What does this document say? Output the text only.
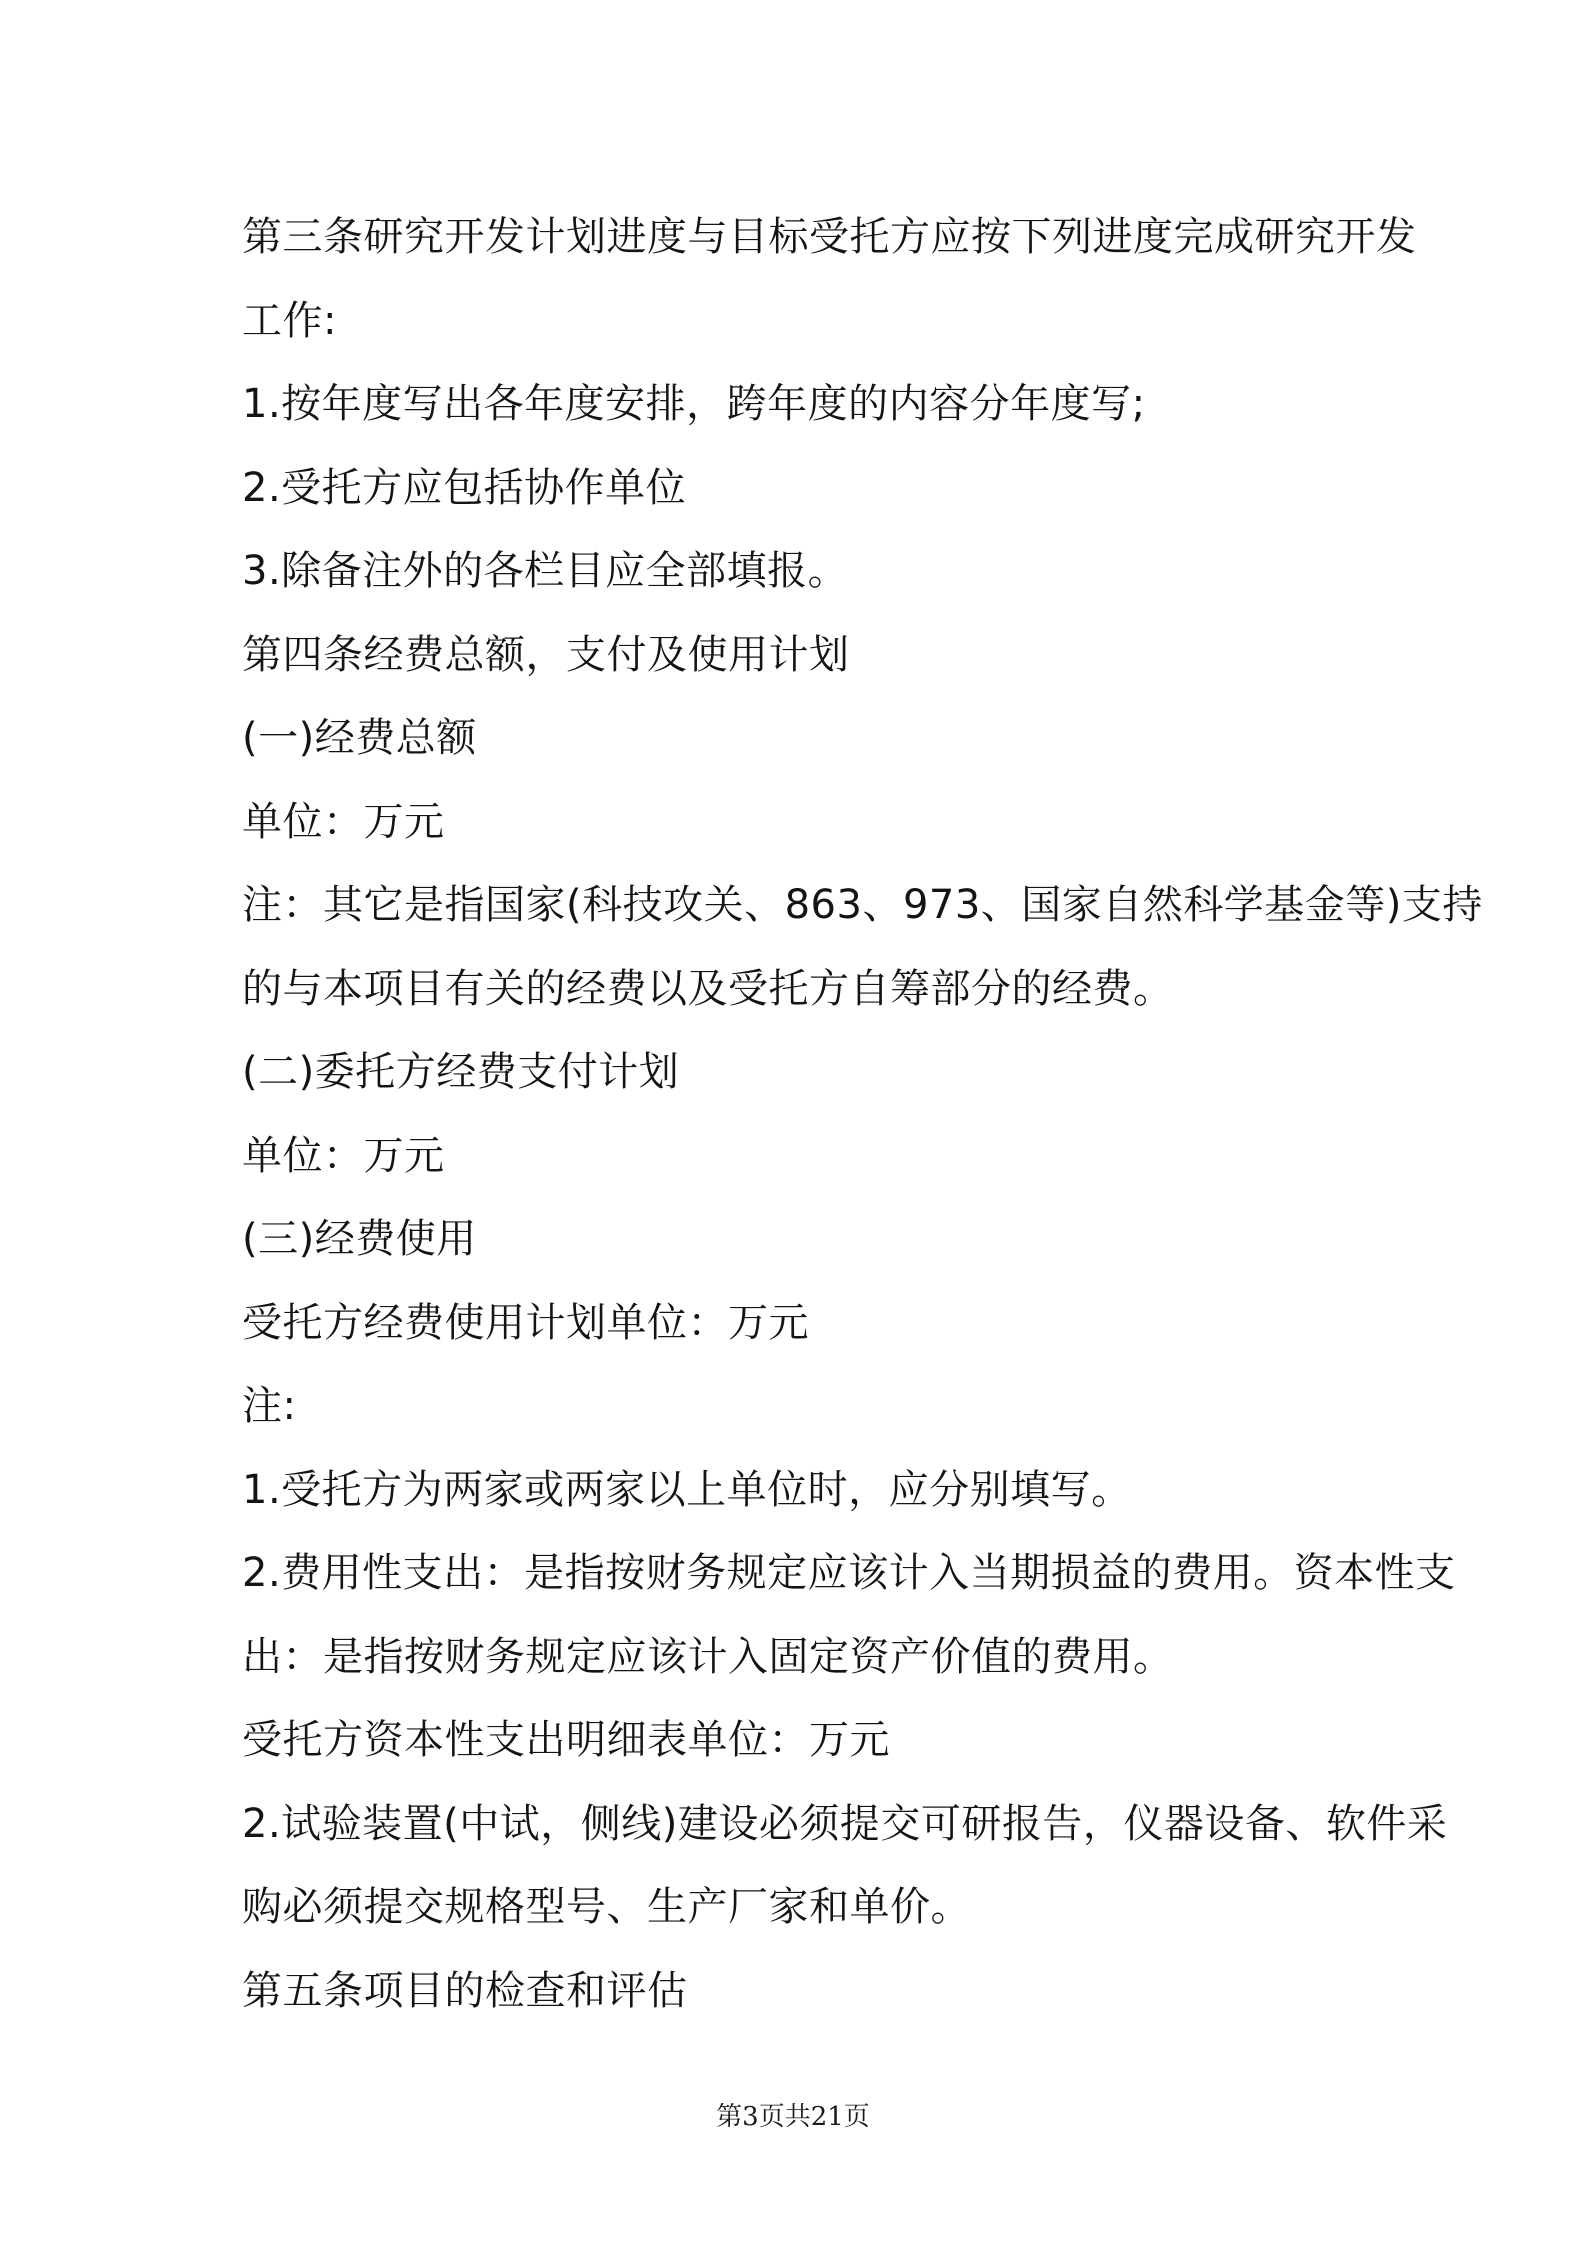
第三条研究开发计划进度与目标受托方应按下列进度完成研究开发

工作:

1.按年度写出各年度安排，跨年度的内容分年度写;

2.受托方应包括协作单位

3.除备注外的各栏目应全部填报。

第四条经费总额，支付及使用计划

(一)经费总额

单位：万元

注：其它是指国家(科技攻关、863、973、国家自然科学基金等)支持

的与本项目有关的经费以及受托方自筹部分的经费。

(二)委托方经费支付计划

单位：万元

(三)经费使用

受托方经费使用计划单位：万元

注:

1.受托方为两家或两家以上单位时，应分别填写。

2.费用性支出：是指按财务规定应该计入当期损益的费用。资本性支

出：是指按财务规定应该计入固定资产价值的费用。

受托方资本性支出明细表单位：万元

2.试验装置(中试，侧线)建设必须提交可研报告，仪器设备、软件采

购必须提交规格型号、生产厂家和单价。

第五条项目的检查和评估

第3页共21页
